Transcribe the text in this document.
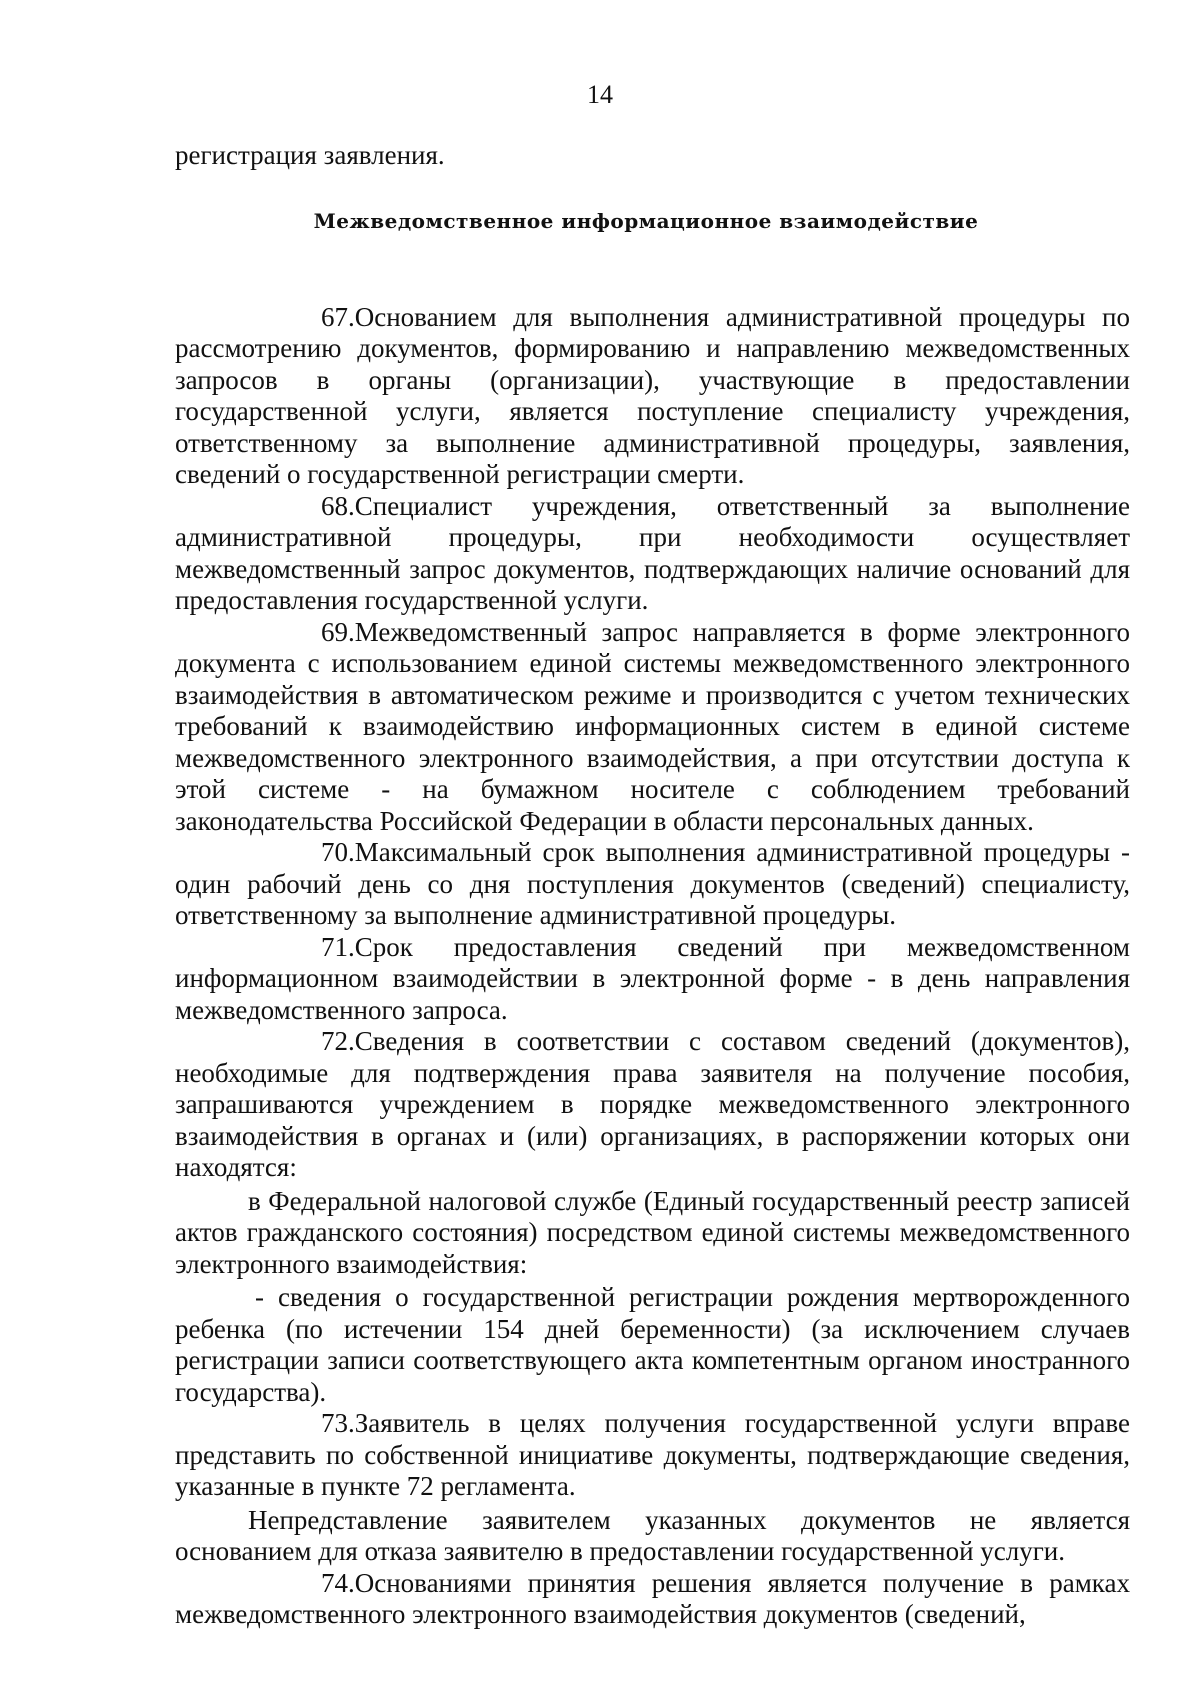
14
Межведомственное информационное взаимодействие

регистрация заявления.

67.Основанием для выполнения административной процедуры по рассмотрению документов, формированию и направлению межведомственных запросов в органы (организации), участвующие в предоставлении государственной услуги, является поступление специалисту учреждения, ответственному за выполнение административной процедуры, заявления, сведений о государственной регистрации смерти.

68.Специалист учреждения, ответственный за выполнение административной процедуры, при необходимости осуществляет межведомственный запрос документов, подтверждающих наличие оснований для предоставления государственной услуги.

69.Межведомственный запрос направляется в форме электронного документа с использованием единой системы межведомственного электронного взаимодействия в автоматическом режиме и производится с учетом технических требований к взаимодействию информационных систем в единой системе межведомственного электронного взаимодействия, а при отсутствии доступа к этой системе - на бумажном носителе с соблюдением требований законодательства Российской Федерации в области персональных данных.

70.Максимальный срок выполнения административной процедуры - один рабочий день со дня поступления документов (сведений) специалисту, ответственному за выполнение административной процедуры.

71.Срок предоставления сведений при межведомственном информационном взаимодействии в электронной форме - в день направления межведомственного запроса.

72.Сведения в соответствии с составом сведений (документов), необходимые для подтверждения права заявителя на получение пособия, запрашиваются учреждением в порядке межведомственного электронного взаимодействия в органах и (или) организациях, в распоряжении которых они находятся:

в Федеральной налоговой службе (Единый государственный реестр записей актов гражданского состояния) посредством единой системы межведомственного электронного взаимодействия:

- сведения о государственной регистрации рождения мертворожденного ребенка (по истечении 154 дней беременности) (за исключением случаев регистрации записи соответствующего акта компетентным органом иностранного государства).

73.Заявитель в целях получения государственной услуги вправе представить по собственной инициативе документы, подтверждающие сведения, указанные в пункте 72 регламента.

Непредставление заявителем указанных документов не является основанием для отказа заявителю в предоставлении государственной услуги.

74.Основаниями принятия решения является получение в рамках межведомственного электронного взаимодействия документов (сведений,
